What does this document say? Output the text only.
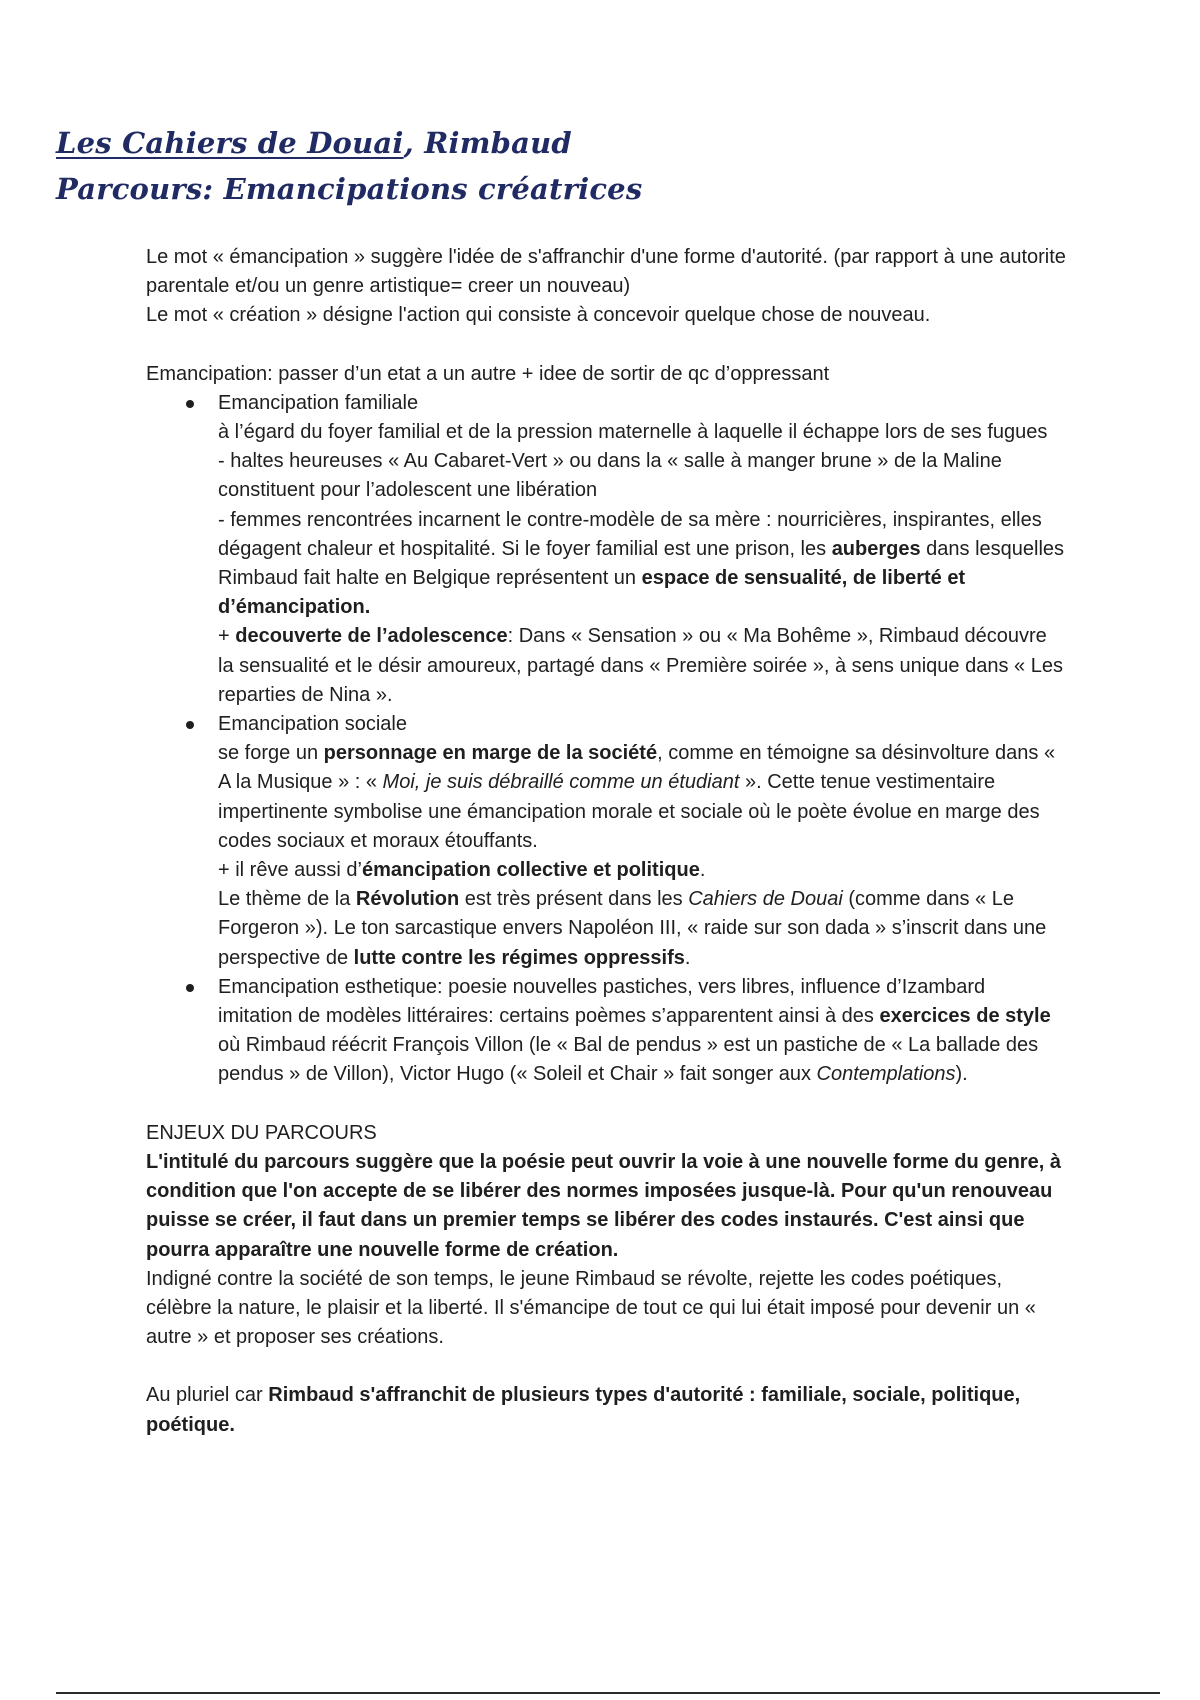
Les Cahiers de Douai, Rimbaud
Parcours: Emancipations créatrices

Le mot « émancipation » suggère l'idée de s'affranchir d'une forme d'autorité. (par rapport à une autorite parentale et/ou un genre artistique= creer un nouveau)

Le mot « création » désigne l'action qui consiste à concevoir quelque chose de nouveau.

Emancipation: passer d’un etat a un autre + idee de sortir de qc d’oppressant

Emancipation familiale
à l’égard du foyer familial et de la pression maternelle à laquelle il échappe lors de ses fugues
- haltes heureuses « Au Cabaret-Vert » ou dans la « salle à manger brune » de la Maline constituent pour l’adolescent une libération
- femmes rencontrées incarnent le contre-modèle de sa mère : nourricières, inspirantes, elles dégagent chaleur et hospitalité. Si le foyer familial est une prison, les auberges dans lesquelles Rimbaud fait halte en Belgique représentent un espace de sensualité, de liberté et d’émancipation.
+ decouverte de l’adolescence: Dans « Sensation » ou « Ma Bohême », Rimbaud découvre la sensualité et le désir amoureux, partagé dans « Première soirée », à sens unique dans « Les reparties de Nina ».
Emancipation sociale
se forge un personnage en marge de la société, comme en témoigne sa désinvolture dans « A la Musique » : « Moi, je suis débraillé comme un étudiant ». Cette tenue vestimentaire impertinente symbolise une émancipation morale et sociale où le poète évolue en marge des codes sociaux et moraux étouffants.
+ il rêve aussi d’émancipation collective et politique.
Le thème de la Révolution est très présent dans les Cahiers de Douai (comme dans « Le Forgeron »). Le ton sarcastique envers Napoléon III, « raide sur son dada » s’inscrit dans une perspective de lutte contre les régimes oppressifs.
Emancipation esthetique: poesie nouvelles pastiches, vers libres, influence d’Izambard
imitation de modèles littéraires: certains poèmes s’apparentent ainsi à des exercices de style où Rimbaud réécrit François Villon (le « Bal de pendus » est un pastiche de « La ballade des pendus » de Villon), Victor Hugo (« Soleil et Chair » fait songer aux Contemplations).

ENJEUX DU PARCOURS

L'intitulé du parcours suggère que la poésie peut ouvrir la voie à une nouvelle forme du genre, à condition que l'on accepte de se libérer des normes imposées jusque-là. Pour qu'un renouveau puisse se créer, il faut dans un premier temps se libérer des codes instaurés. C'est ainsi que pourra apparaître une nouvelle forme de création.

Indigné contre la société de son temps, le jeune Rimbaud se révolte, rejette les codes poétiques, célèbre la nature, le plaisir et la liberté. Il s'émancipe de tout ce qui lui était imposé pour devenir un « autre » et proposer ses créations.

Au pluriel car Rimbaud s'affranchit de plusieurs types d'autorité : familiale, sociale, politique, poétique.
